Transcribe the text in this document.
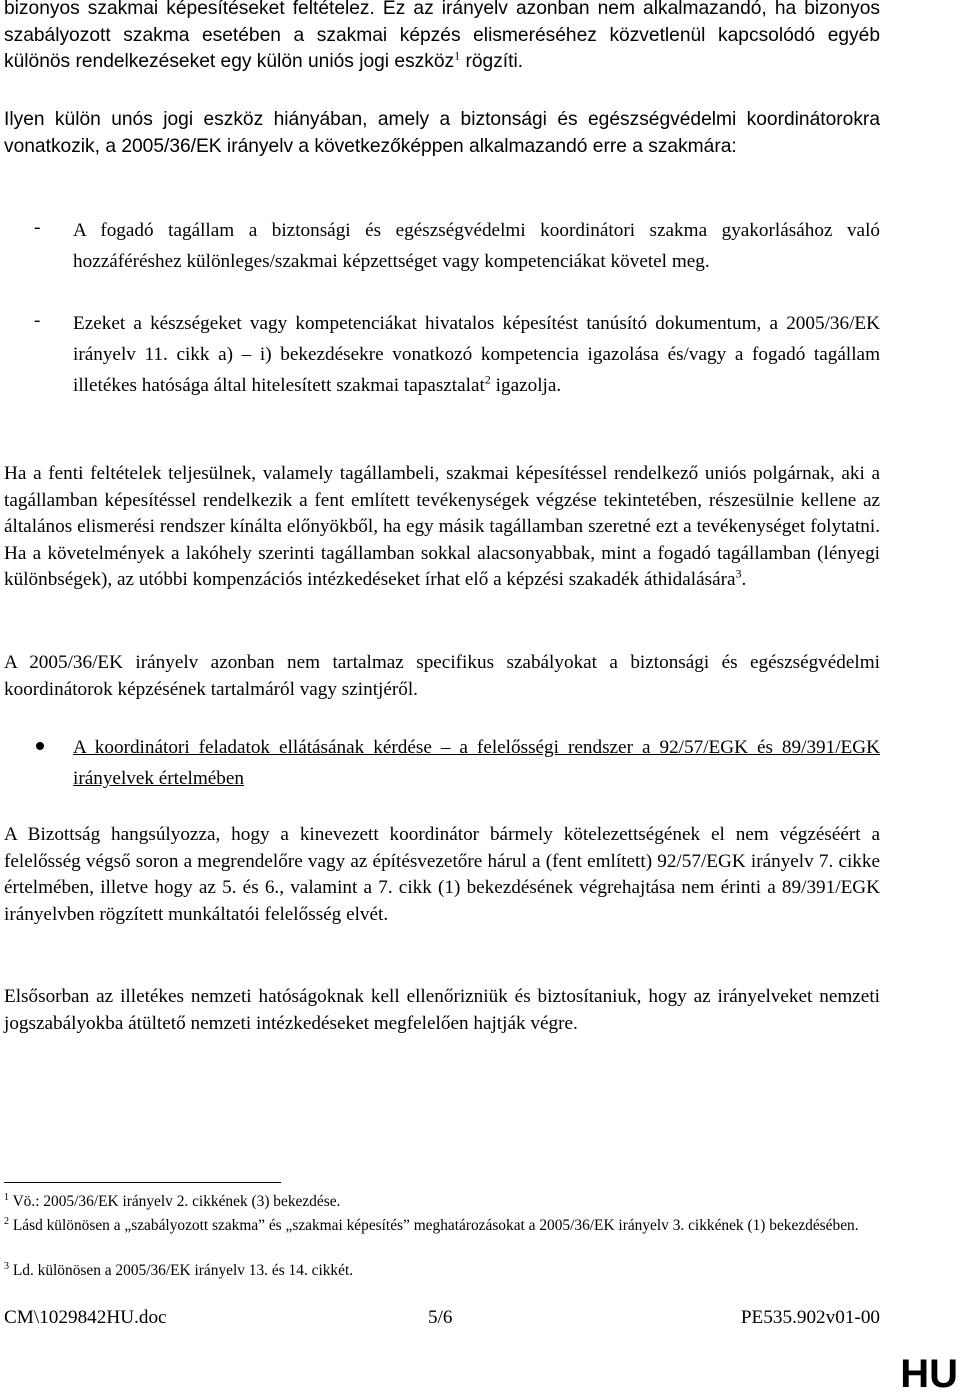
bizonyos szakmai képesítéseket feltételez. Ez az irányelv azonban nem alkalmazandó, ha bizonyos szabályozott szakma esetében a szakmai képzés elismeréséhez közvetlenül kapcsolódó egyéb különös rendelkezéseket egy külön uniós jogi eszköz$^1$ rögzíti.

Ilyen külön unós jogi eszköz hiányában, amely a biztonsági és egészségvédelmi koordinátorokra vonatkozik, a 2005/36/EK irányelv a következőképpen alkalmazandó erre a szakmára:

- A fogadó tagállam a biztonsági és egészségvédelmi koordinátori szakma gyakorlásához való hozzáféréshez különleges/szakmai képzettséget vagy kompetenciákat követel meg.

- Ezeket a készségeket vagy kompetenciákat hivatalos képesítést tanúsító dokumentum, a 2005/36/EK irányelv 11. cikk a) – i) bekezdésekre vonatkozó kompetencia igazolása és/vagy a fogadó tagállam illetékes hatósága által hitelesített szakmai tapasztalat$^2$ igazolja.

Ha a fenti feltételek teljesülnek, valamely tagállambeli, szakmai képesítéssel rendelkező uniós polgárnak, aki a tagállamban képesítéssel rendelkezik a fent említett tevékenységek végzése tekintetében, részesülnie kellene az általános elismerési rendszer kínálta előnyökből, ha egy másik tagállamban szeretné ezt a tevékenységet folytatni. Ha a követelmények a lakóhely szerinti tagállamban sokkal alacsonyabbak, mint a fogadó tagállamban (lényegi különbségek), az utóbbi kompenzációs intézkedéseket írhat elő a képzési szakadék áthidalására$^3$.

A 2005/36/EK irányelv azonban nem tartalmaz specifikus szabályokat a biztonsági és egészségvédelmi koordinátorok képzésének tartalmáról vagy szintjéről.

A koordinátori feladatok ellátásának kérdése – a felelősségi rendszer a 92/57/EGK és 89/391/EGK irányelvek értelmében

A Bizottság hangsúlyozza, hogy a kinevezett koordinátor bármely kötelezettségének el nem végzéséért a felelősség végső soron a megrendelőre vagy az építésvezetőre hárul a (fent említett) 92/57/EGK irányelv 7. cikke értelmében, illetve hogy az 5. és 6., valamint a 7. cikk (1) bekezdésének végrehajtása nem érinti a 89/391/EGK irányelvben rögzített munkáltatói felelősség elvét.

Elsősorban az illetékes nemzeti hatóságoknak kell ellenőrizniük és biztosítaniuk, hogy az irányelveket nemzeti jogszabályokba átültető nemzeti intézkedéseket megfelelően hajtják végre.

$^1$ Vö.: 2005/36/EK irányelv 2. cikkének (3) bekezdése.

$^2$ Lásd különösen a „szabályozott szakma” és „szakmai képesítés” meghatározásokat a 2005/36/EK irányelv 3. cikkének (1) bekezdésében.

$^3$ Ld. különösen a 2005/36/EK irányelv 13. és 14. cikkét.

CM\1029842HU.doc	5/6	PE535.902v01-00
HU
